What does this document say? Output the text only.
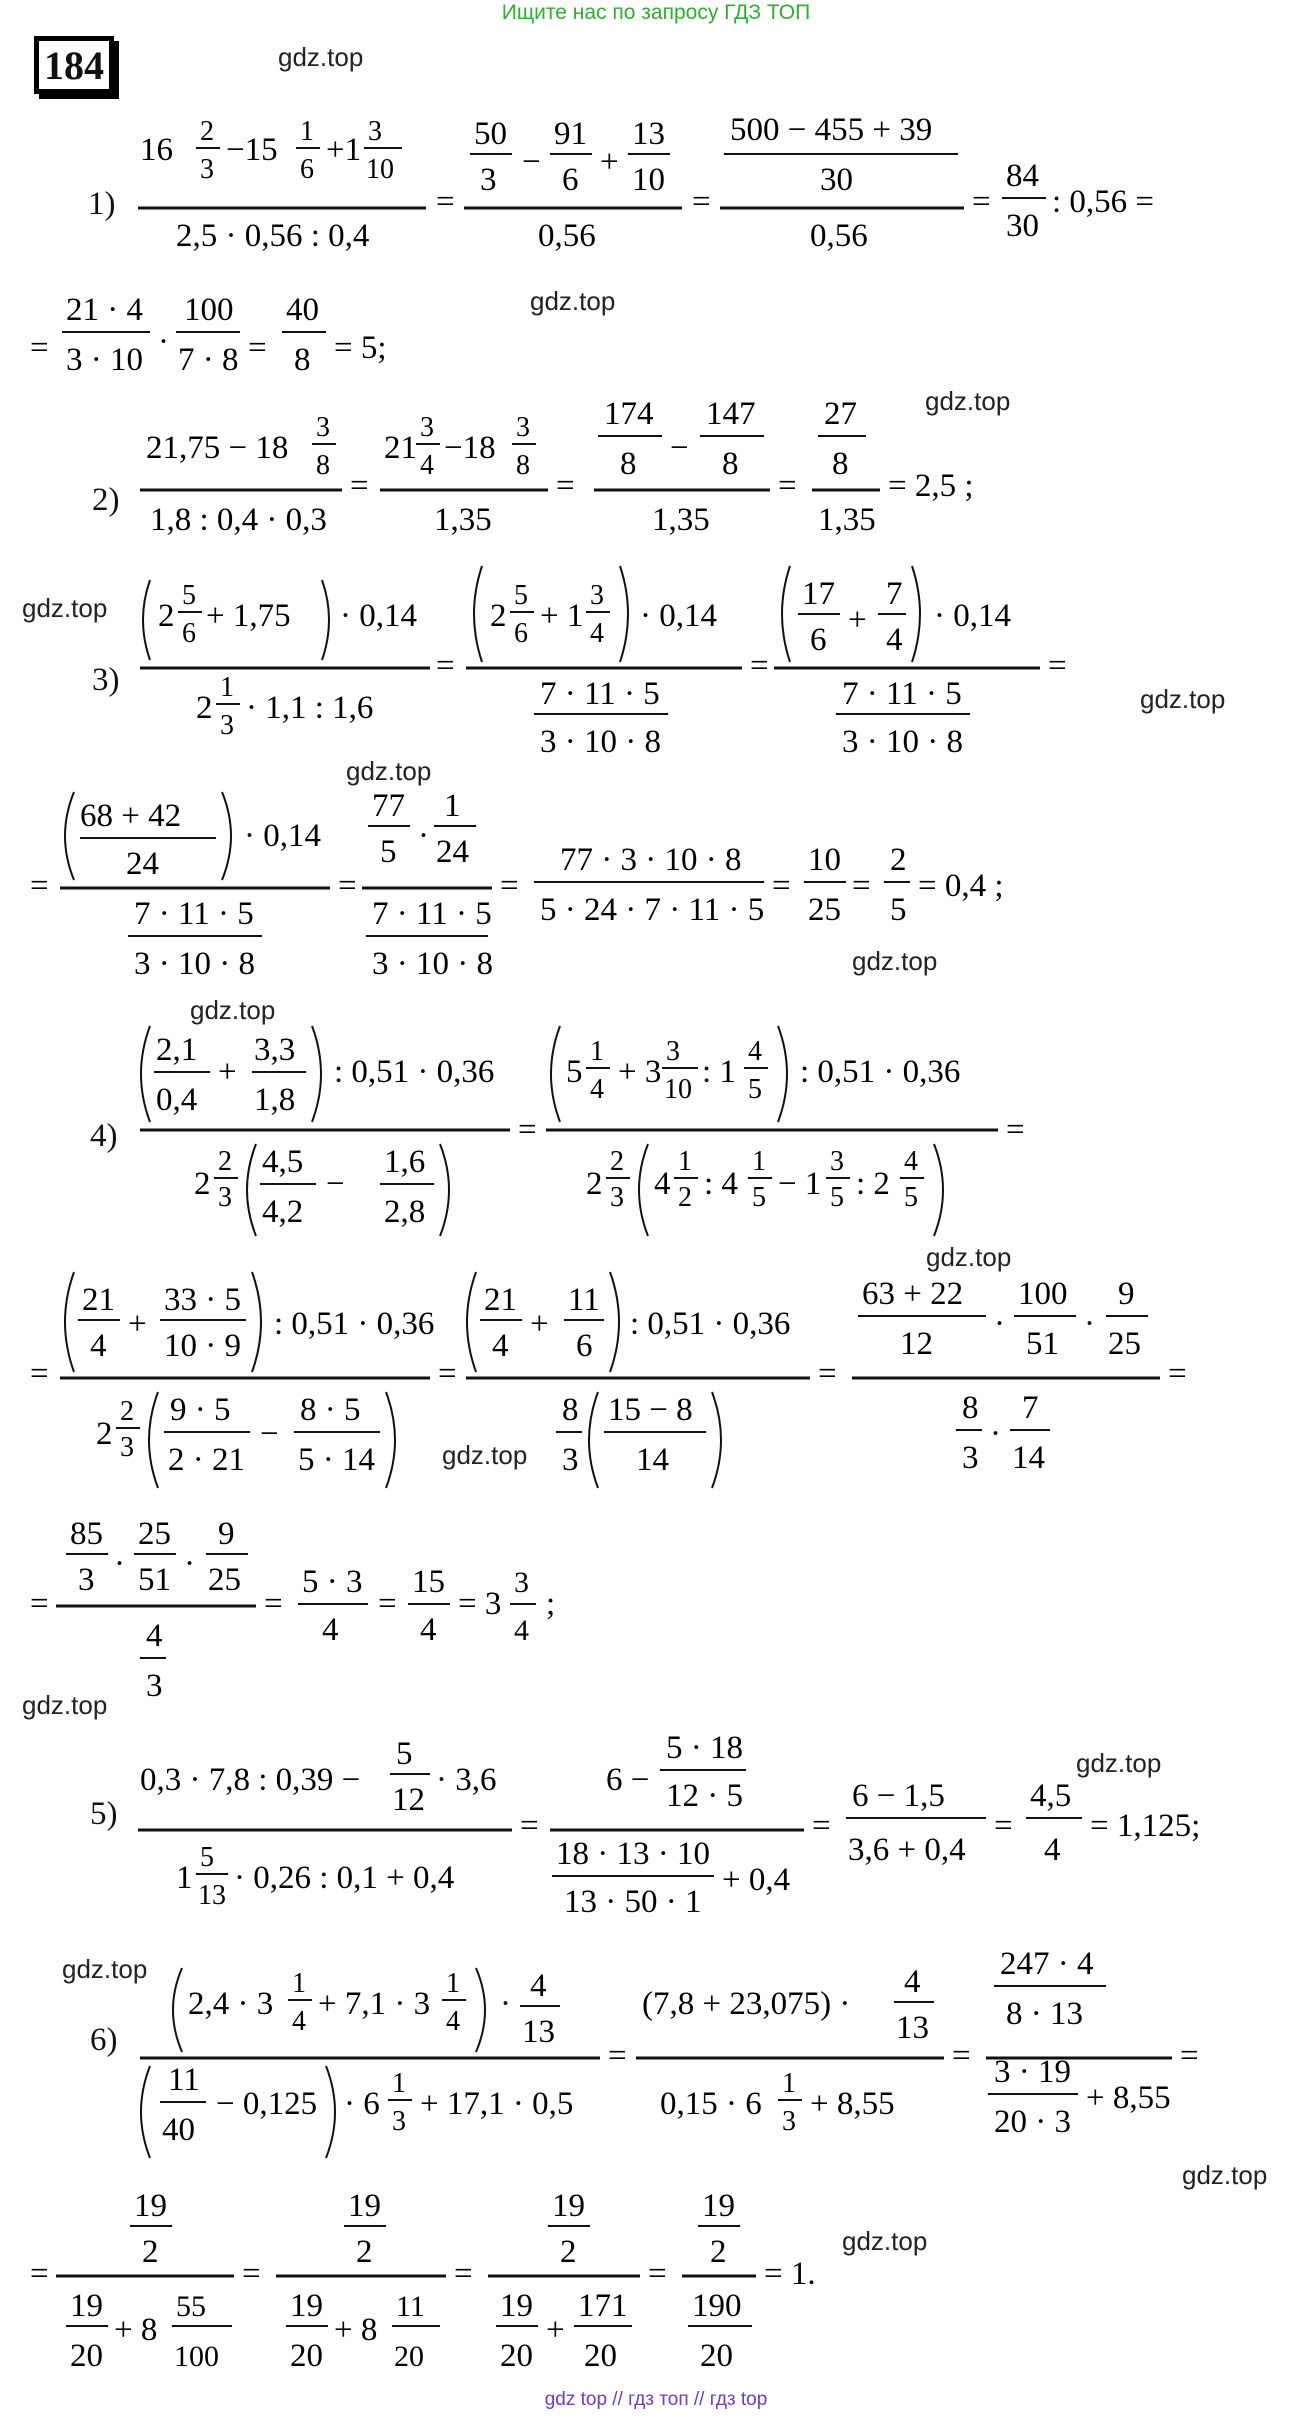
Ищите нас по запросу ГДЗ ТОП
184	gdz.top
gdz.top
gdz.top
gdz.top
gdz.top
gdz.top
gdz.top
gdz.top
gdz.top
gdz.top
gdz.top
gdz.top
gdz.top
gdz.top
gdz.top
1)
2)
3)
4)
5)
6)
16
2
3
−15
1
6
+1
3
10
2,5 · 0,56 : 0,4
=
50
3 −
91
6 +
13
10
0,56
=
500 − 455 + 39
30
0,56
=
84
30
: 0,56 =
=
21 · 4
3 · 10 ·
100
7 · 8 =
40
8 = 5;
21,75 − 18
3
8
1,8 : 0,4 · 0,3
=
21
3
4 −18
3
8
1,35
=
174
8 −
147
8
1,35
=
27
8
1,35
= 2,5 ;
2
5
6 + 1,75 · 0,14
2
1
3 · 1,1 : 1,6
=
2
5
6 + 1
3
4 · 0,14
7 · 11 · 5
3 · 10 · 8
=
17
6
+
7
4
· 0,14
7 · 11 · 5
3 · 10 · 8
=
=
68 + 42
24
· 0,14
7 · 11 · 5
3 · 10 · 8
=
77
5 ·
1
24
7 · 11 · 5
3 · 10 · 8
=
77 · 3 · 10 · 8
5 · 24 · 7 · 11 · 5
=
10
25
=
2
5
= 0,4 ;
2,1
0,4
+
3,3
1,8
: 0,51 · 0,36
2
2
3
4,5
4,2
−
1,6
2,8
=
5
1
4 + 3
3
10 : 1
4
5 : 0,51 · 0,36
2
2
3 4
1
2 : 4
1
5 − 1
3
5 : 2
4
5
=
=
21
4
+
33 · 5
10 · 9
: 0,51 · 0,36
2
2
3
9 · 5
2 · 21
−
8 · 5
5 · 14
=
21
4
+
11
6
: 0,51 · 0,36
8
3
15 − 8
14
=
63 + 22
12
·
100
51
·
9
25
8
3
·
7
14
=
=
85
3 ·
25
51 ·
9
25
4
3
=
5 · 3
4
=
15
4
= 3
3
4
;
0,3 · 7,8 : 0,39 −
5
12
· 3,6
1
5
13 · 0,26 : 0,1 + 0,4
=
6 −
5 · 18
12 · 5
18 · 13 · 10
13 · 50 · 1
+ 0,4
=
6 − 1,5
3,6 + 0,4
=
4,5
4
= 1,125;
2,4 · 3
1
4 + 7,1 · 3
1
4 · 4
13
11
40
− 0,125 · 6
1
3 + 17,1 · 0,5
=
(7,8 + 23,075) ·
4
13
0,15 · 6
1
3 + 8,55
=
247 · 4
8 · 13
3 · 19
20 · 3
+ 8,55
=
=
19
2
19
20
+ 8
55
100
=
19
2
19
20
+ 8
11
20
=
19
2
19
20
+
171
20
=
19
2
190
20
= 1.
gdz top // гдз топ // гдз top
